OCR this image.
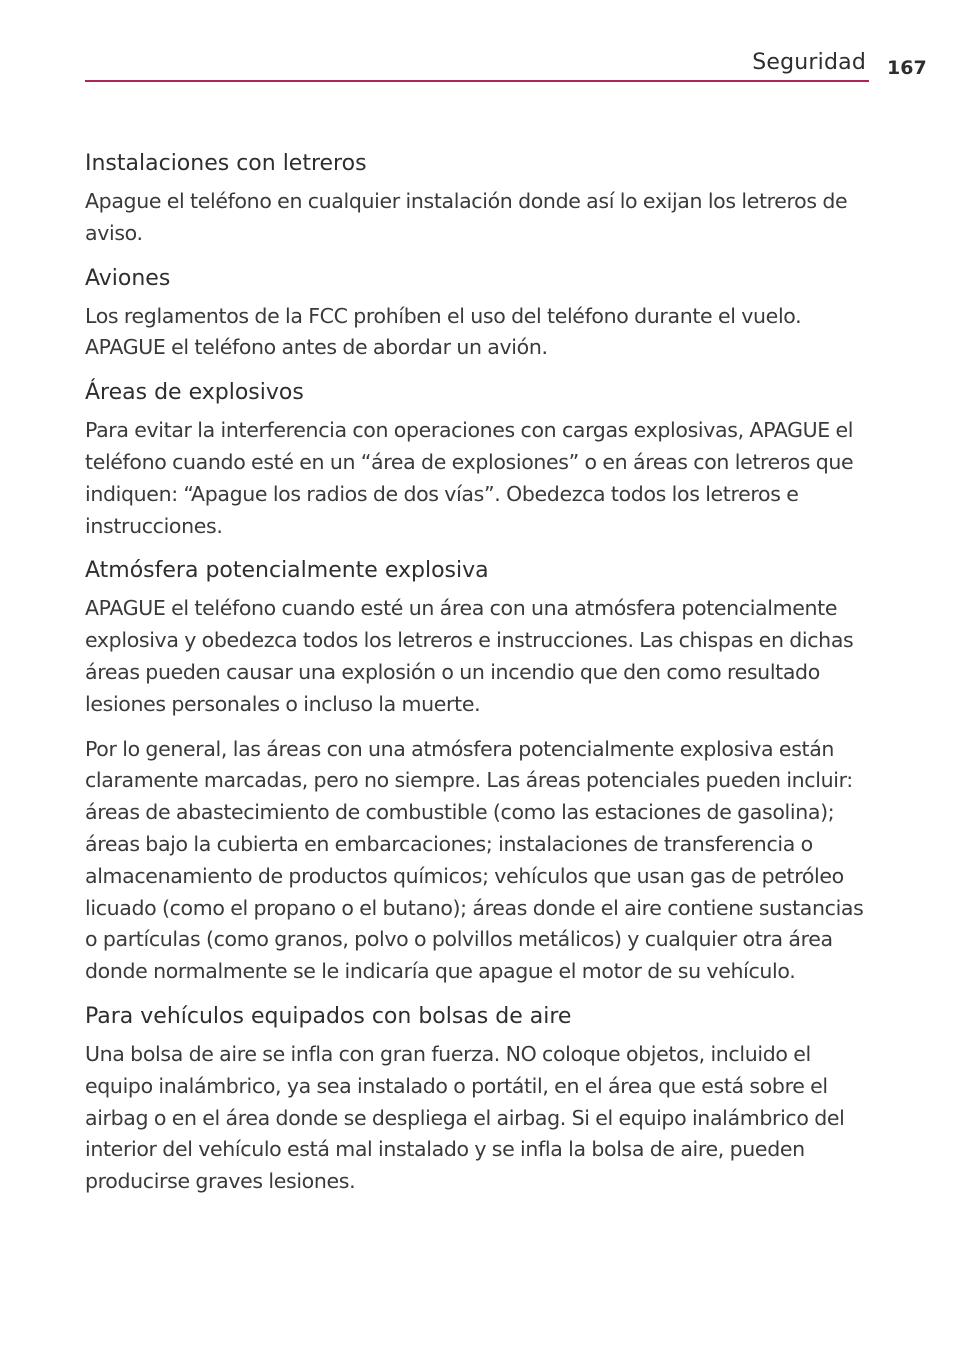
Seguridad 167
Instalaciones con letreros

Apague el teléfono en cualquier instalación donde así lo exijan los letreros de aviso.

Aviones

Los reglamentos de la FCC prohíben el uso del teléfono durante el vuelo. APAGUE el teléfono antes de abordar un avión.

Áreas de explosivos

Para evitar la interferencia con operaciones con cargas explosivas, APAGUE el teléfono cuando esté en un “área de explosiones” o en áreas con letreros que indiquen: “Apague los radios de dos vías”. Obedezca todos los letreros e instrucciones.

Atmósfera potencialmente explosiva

APAGUE el teléfono cuando esté un área con una atmósfera potencialmente explosiva y obedezca todos los letreros e instrucciones. Las chispas en dichas áreas pueden causar una explosión o un incendio que den como resultado lesiones personales o incluso la muerte.

Por lo general, las áreas con una atmósfera potencialmente explosiva están claramente marcadas, pero no siempre. Las áreas potenciales pueden incluir: áreas de abastecimiento de combustible (como las estaciones de gasolina); áreas bajo la cubierta en embarcaciones; instalaciones de transferencia o almacenamiento de productos químicos; vehículos que usan gas de petróleo licuado (como el propano o el butano); áreas donde el aire contiene sustancias o partículas (como granos, polvo o polvillos metálicos) y cualquier otra área donde normalmente se le indicaría que apague el motor de su vehículo.

Para vehículos equipados con bolsas de aire

Una bolsa de aire se infla con gran fuerza. NO coloque objetos, incluido el equipo inalámbrico, ya sea instalado o portátil, en el área que está sobre el airbag o en el área donde se despliega el airbag. Si el equipo inalámbrico del interior del vehículo está mal instalado y se infla la bolsa de aire, pueden producirse graves lesiones.
